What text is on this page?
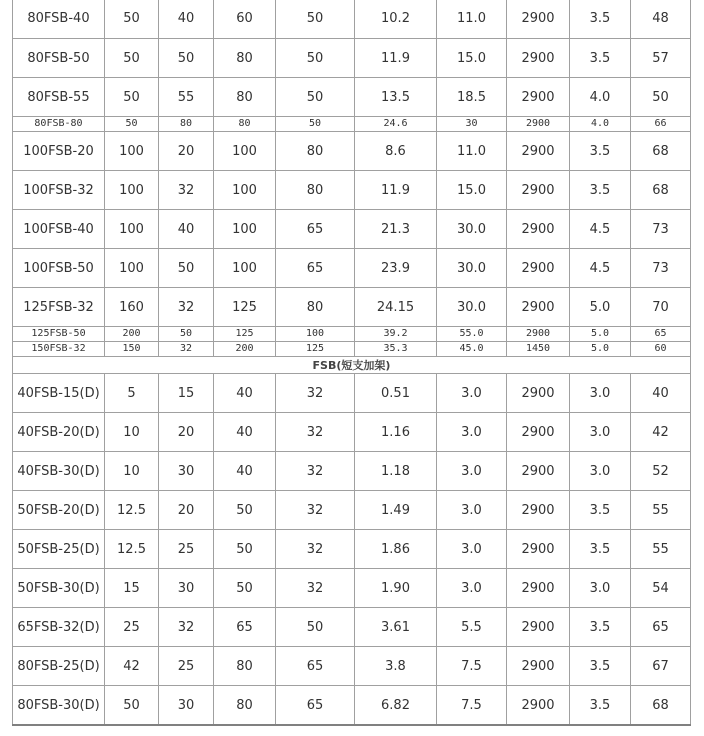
80FSB-40	50	40	60	50	10.2	11.0	2900	3.5	48
80FSB-50	50	50	80	50	11.9	15.0	2900	3.5	57
80FSB-55	50	55	80	50	13.5	18.5	2900	4.0	50
80FSB-80	50	80	80	50	24.6	30	2900	4.0	66
100FSB-20	100	20	100	80	8.6	11.0	2900	3.5	68
100FSB-32	100	32	100	80	11.9	15.0	2900	3.5	68
100FSB-40	100	40	100	65	21.3	30.0	2900	4.5	73
100FSB-50	100	50	100	65	23.9	30.0	2900	4.5	73
125FSB-32	160	32	125	80	24.15	30.0	2900	5.0	70
125FSB-50	200	50	125	100	39.2	55.0	2900	5.0	65
150FSB-32	150	32	200	125	35.3	45.0	1450	5.0	60
FSB(短支加架)									
40FSB-15(D)	5	15	40	32	0.51	3.0	2900	3.0	40
40FSB-20(D)	10	20	40	32	1.16	3.0	2900	3.0	42
40FSB-30(D)	10	30	40	32	1.18	3.0	2900	3.0	52
50FSB-20(D)	12.5	20	50	32	1.49	3.0	2900	3.5	55
50FSB-25(D)	12.5	25	50	32	1.86	3.0	2900	3.5	55
50FSB-30(D)	15	30	50	32	1.90	3.0	2900	3.0	54
65FSB-32(D)	25	32	65	50	3.61	5.5	2900	3.5	65
80FSB-25(D)	42	25	80	65	3.8	7.5	2900	3.5	67
80FSB-30(D)	50	30	80	65	6.82	7.5	2900	3.5	68
